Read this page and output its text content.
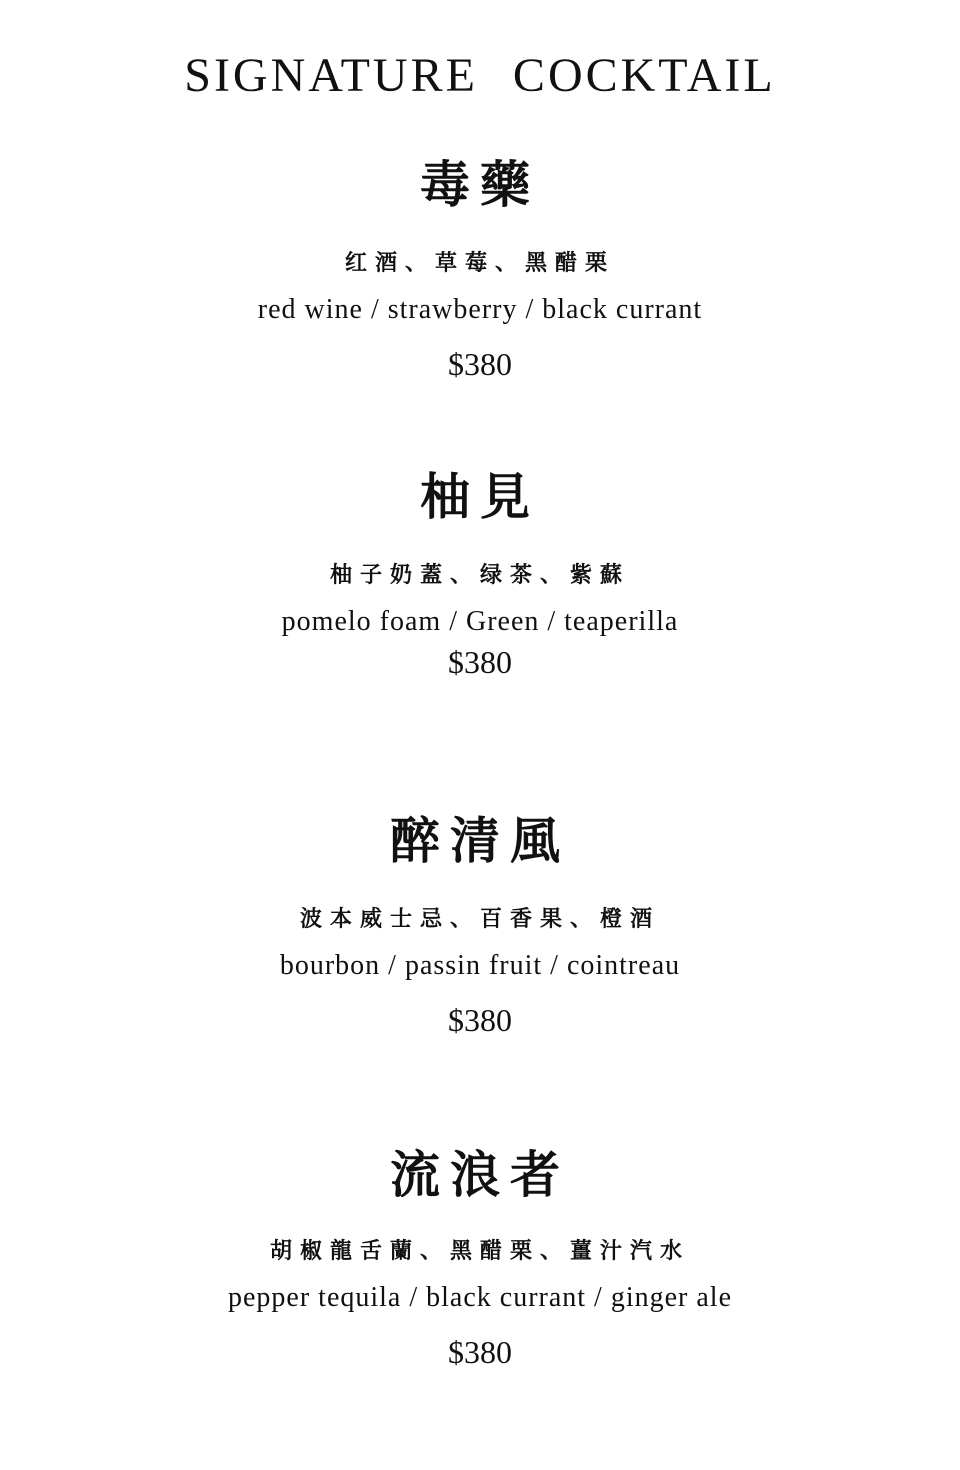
SIGNATURE COCKTAIL
毒藥
红酒、草莓、黑醋栗
red wine / strawberry / black currant
$380
柚見
柚子奶蓋、绿茶、紫蘇
pomelo foam / Green / teaperilla
$380
醉清風
波本威士忌、百香果、橙酒
bourbon / passin fruit / cointreau
$380
流浪者
胡椒龍舌蘭、黑醋栗、薑汁汽水
pepper tequila / black currant / ginger ale
$380
